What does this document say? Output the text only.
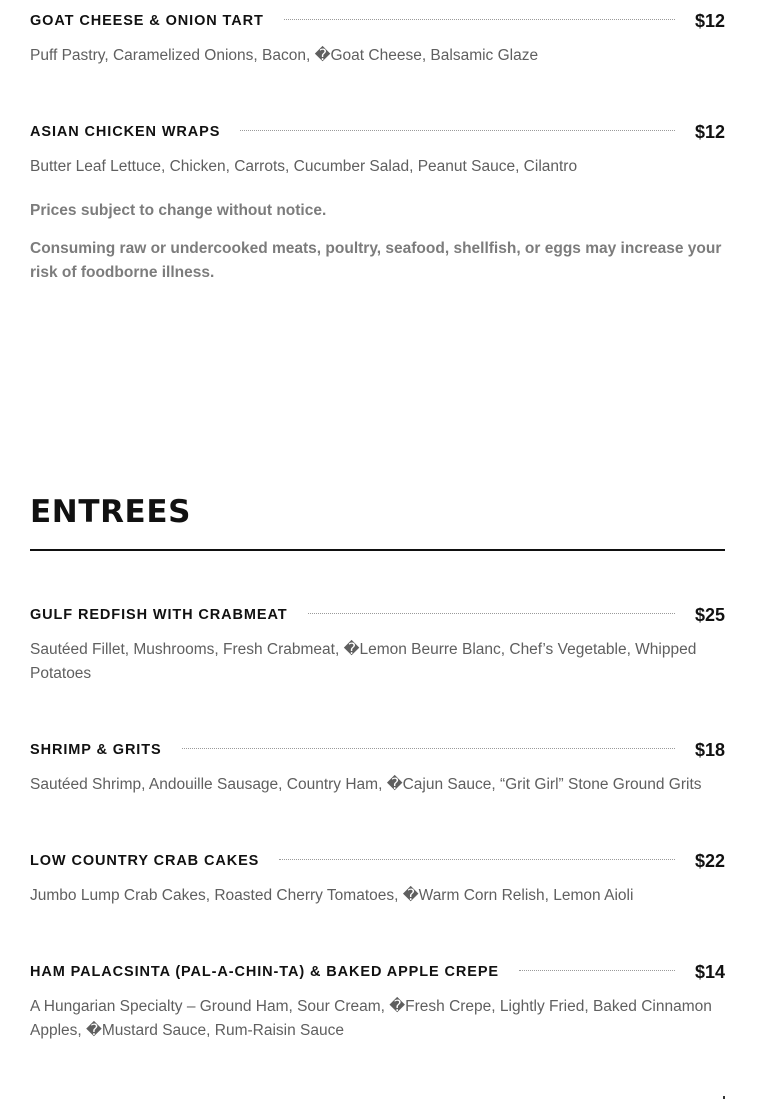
GOAT CHEESE & ONION TART	$12
Puff Pastry, Caramelized Onions, Bacon, �Goat Cheese, Balsamic Glaze
ASIAN CHICKEN WRAPS	$12
Butter Leaf Lettuce, Chicken, Carrots, Cucumber Salad, Peanut Sauce, Cilantro
Prices subject to change without notice.
Consuming raw or undercooked meats, poultry, seafood, shellfish, or eggs may increase your risk of foodborne illness.
ENTREES
GULF REDFISH WITH CRABMEAT	$25
Sautéed Fillet, Mushrooms, Fresh Crabmeat, �Lemon Beurre Blanc, Chef’s Vegetable, Whipped Potatoes
SHRIMP & GRITS	$18
Sautéed Shrimp, Andouille Sausage, Country Ham, �Cajun Sauce, “Grit Girl” Stone Ground Grits
LOW COUNTRY CRAB CAKES	$22
Jumbo Lump Crab Cakes, Roasted Cherry Tomatoes, �Warm Corn Relish, Lemon Aioli
HAM PALACSINTA (PAL-A-CHIN-TA) & BAKED APPLE CREPE	$14
A Hungarian Specialty – Ground Ham, Sour Cream, �Fresh Crepe, Lightly Fried, Baked Cinnamon Apples, �Mustard Sauce, Rum-Raisin Sauce
